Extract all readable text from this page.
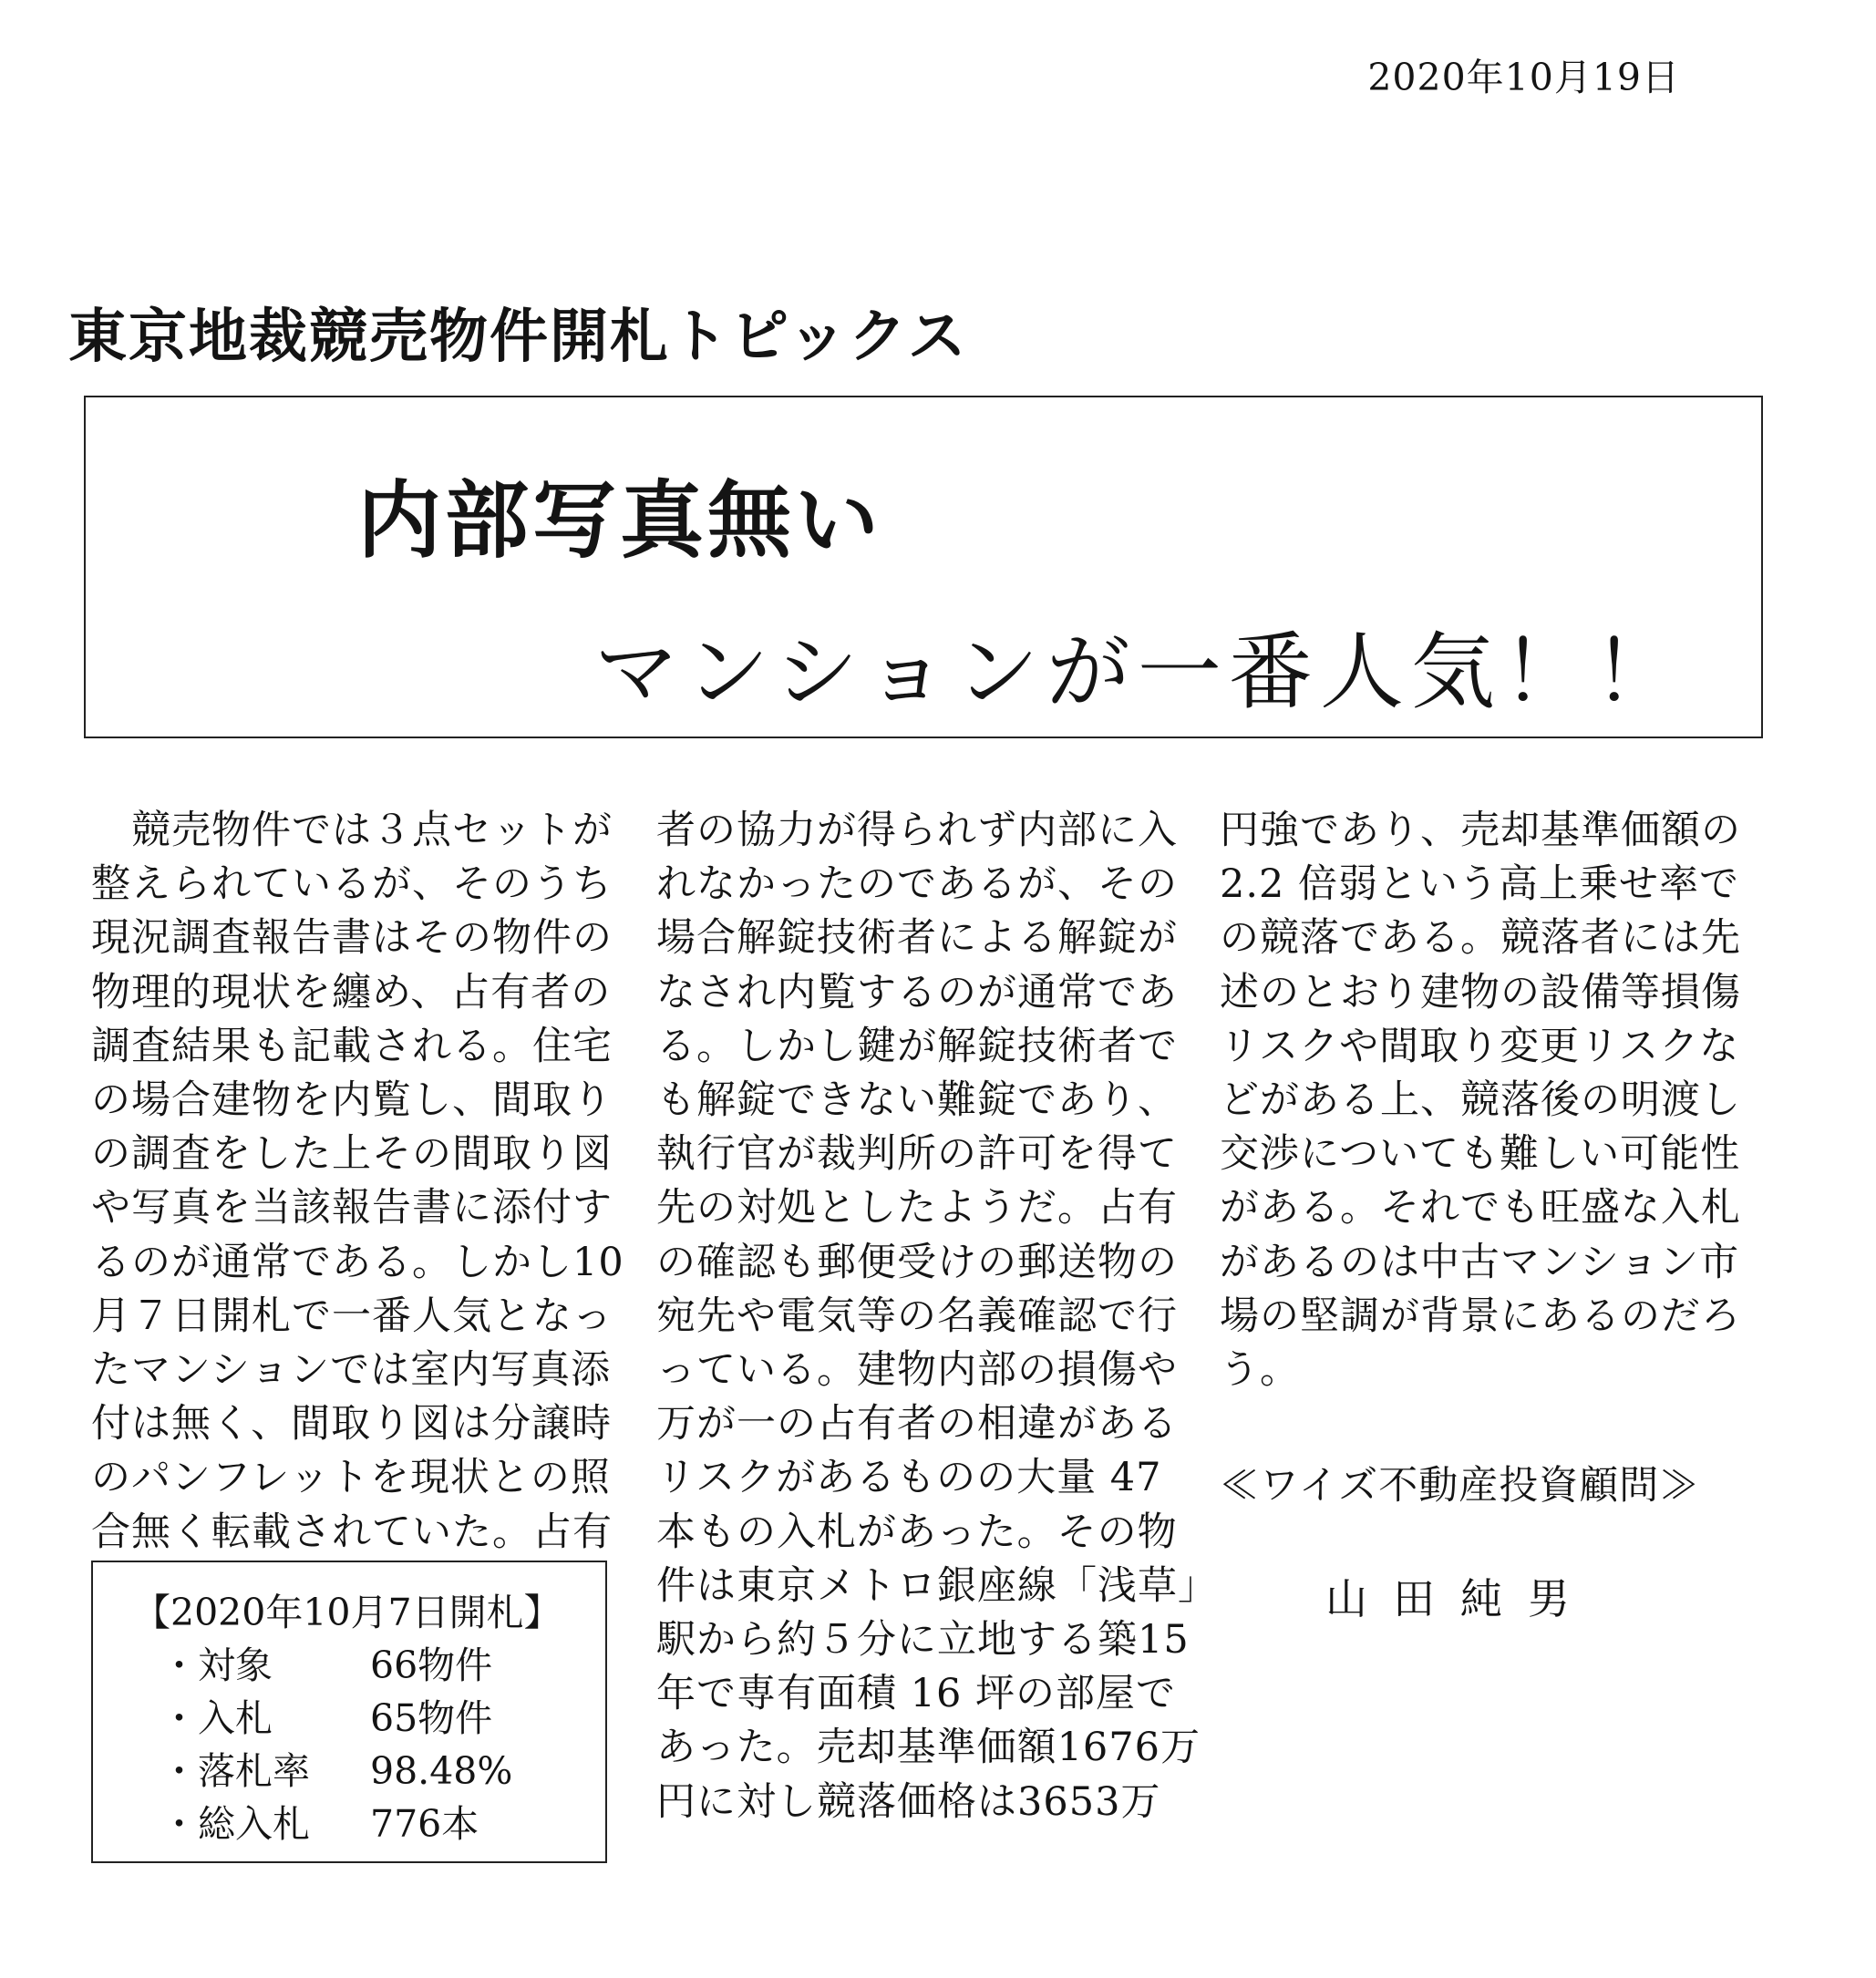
2020年10月19日
東京地裁競売物件開札トピックス
内部写真無い
マンションが一番人気！！

　競売物件では３点セットが

整えられているが、そのうち

現況調査報告書はその物件の

物理的現状を纏め、占有者の

調査結果も記載される。住宅

の場合建物を内覧し、間取り

の調査をした上その間取り図

や写真を当該報告書に添付す

るのが通常である。しかし10

月７日開札で一番人気となっ

たマンションでは室内写真添

付は無く、間取り図は分譲時

のパンフレットを現状との照

合無く転載されていた。占有

者の協力が得られず内部に入

れなかったのであるが、その

場合解錠技術者による解錠が

なされ内覧するのが通常であ

る。しかし鍵が解錠技術者で

も解錠できない難錠であり、

執行官が裁判所の許可を得て

先の対処としたようだ。占有

の確認も郵便受けの郵送物の

宛先や電気等の名義確認で行

っている。建物内部の損傷や

万が一の占有者の相違がある

リスクがあるものの大量 47

本もの入札があった。その物

件は東京メトロ銀座線「浅草」

駅から約５分に立地する築15

年で専有面積 16 坪の部屋で

あった。売却基準価額1676万

円に対し競落価格は3653万

円強であり、売却基準価額の

2.2 倍弱という高上乗せ率で

の競落である。競落者には先

述のとおり建物の設備等損傷

リスクや間取り変更リスクな

どがある上、競落後の明渡し

交渉についても難しい可能性

がある。それでも旺盛な入札

があるのは中古マンション市

場の堅調が背景にあるのだろ

う。

【2020年10月7日開札】
・対象	66物件
・入札	65物件
・落札率	98.48%
・総入札	776本
≪ワイズ不動産投資顧問≫
山田純男
